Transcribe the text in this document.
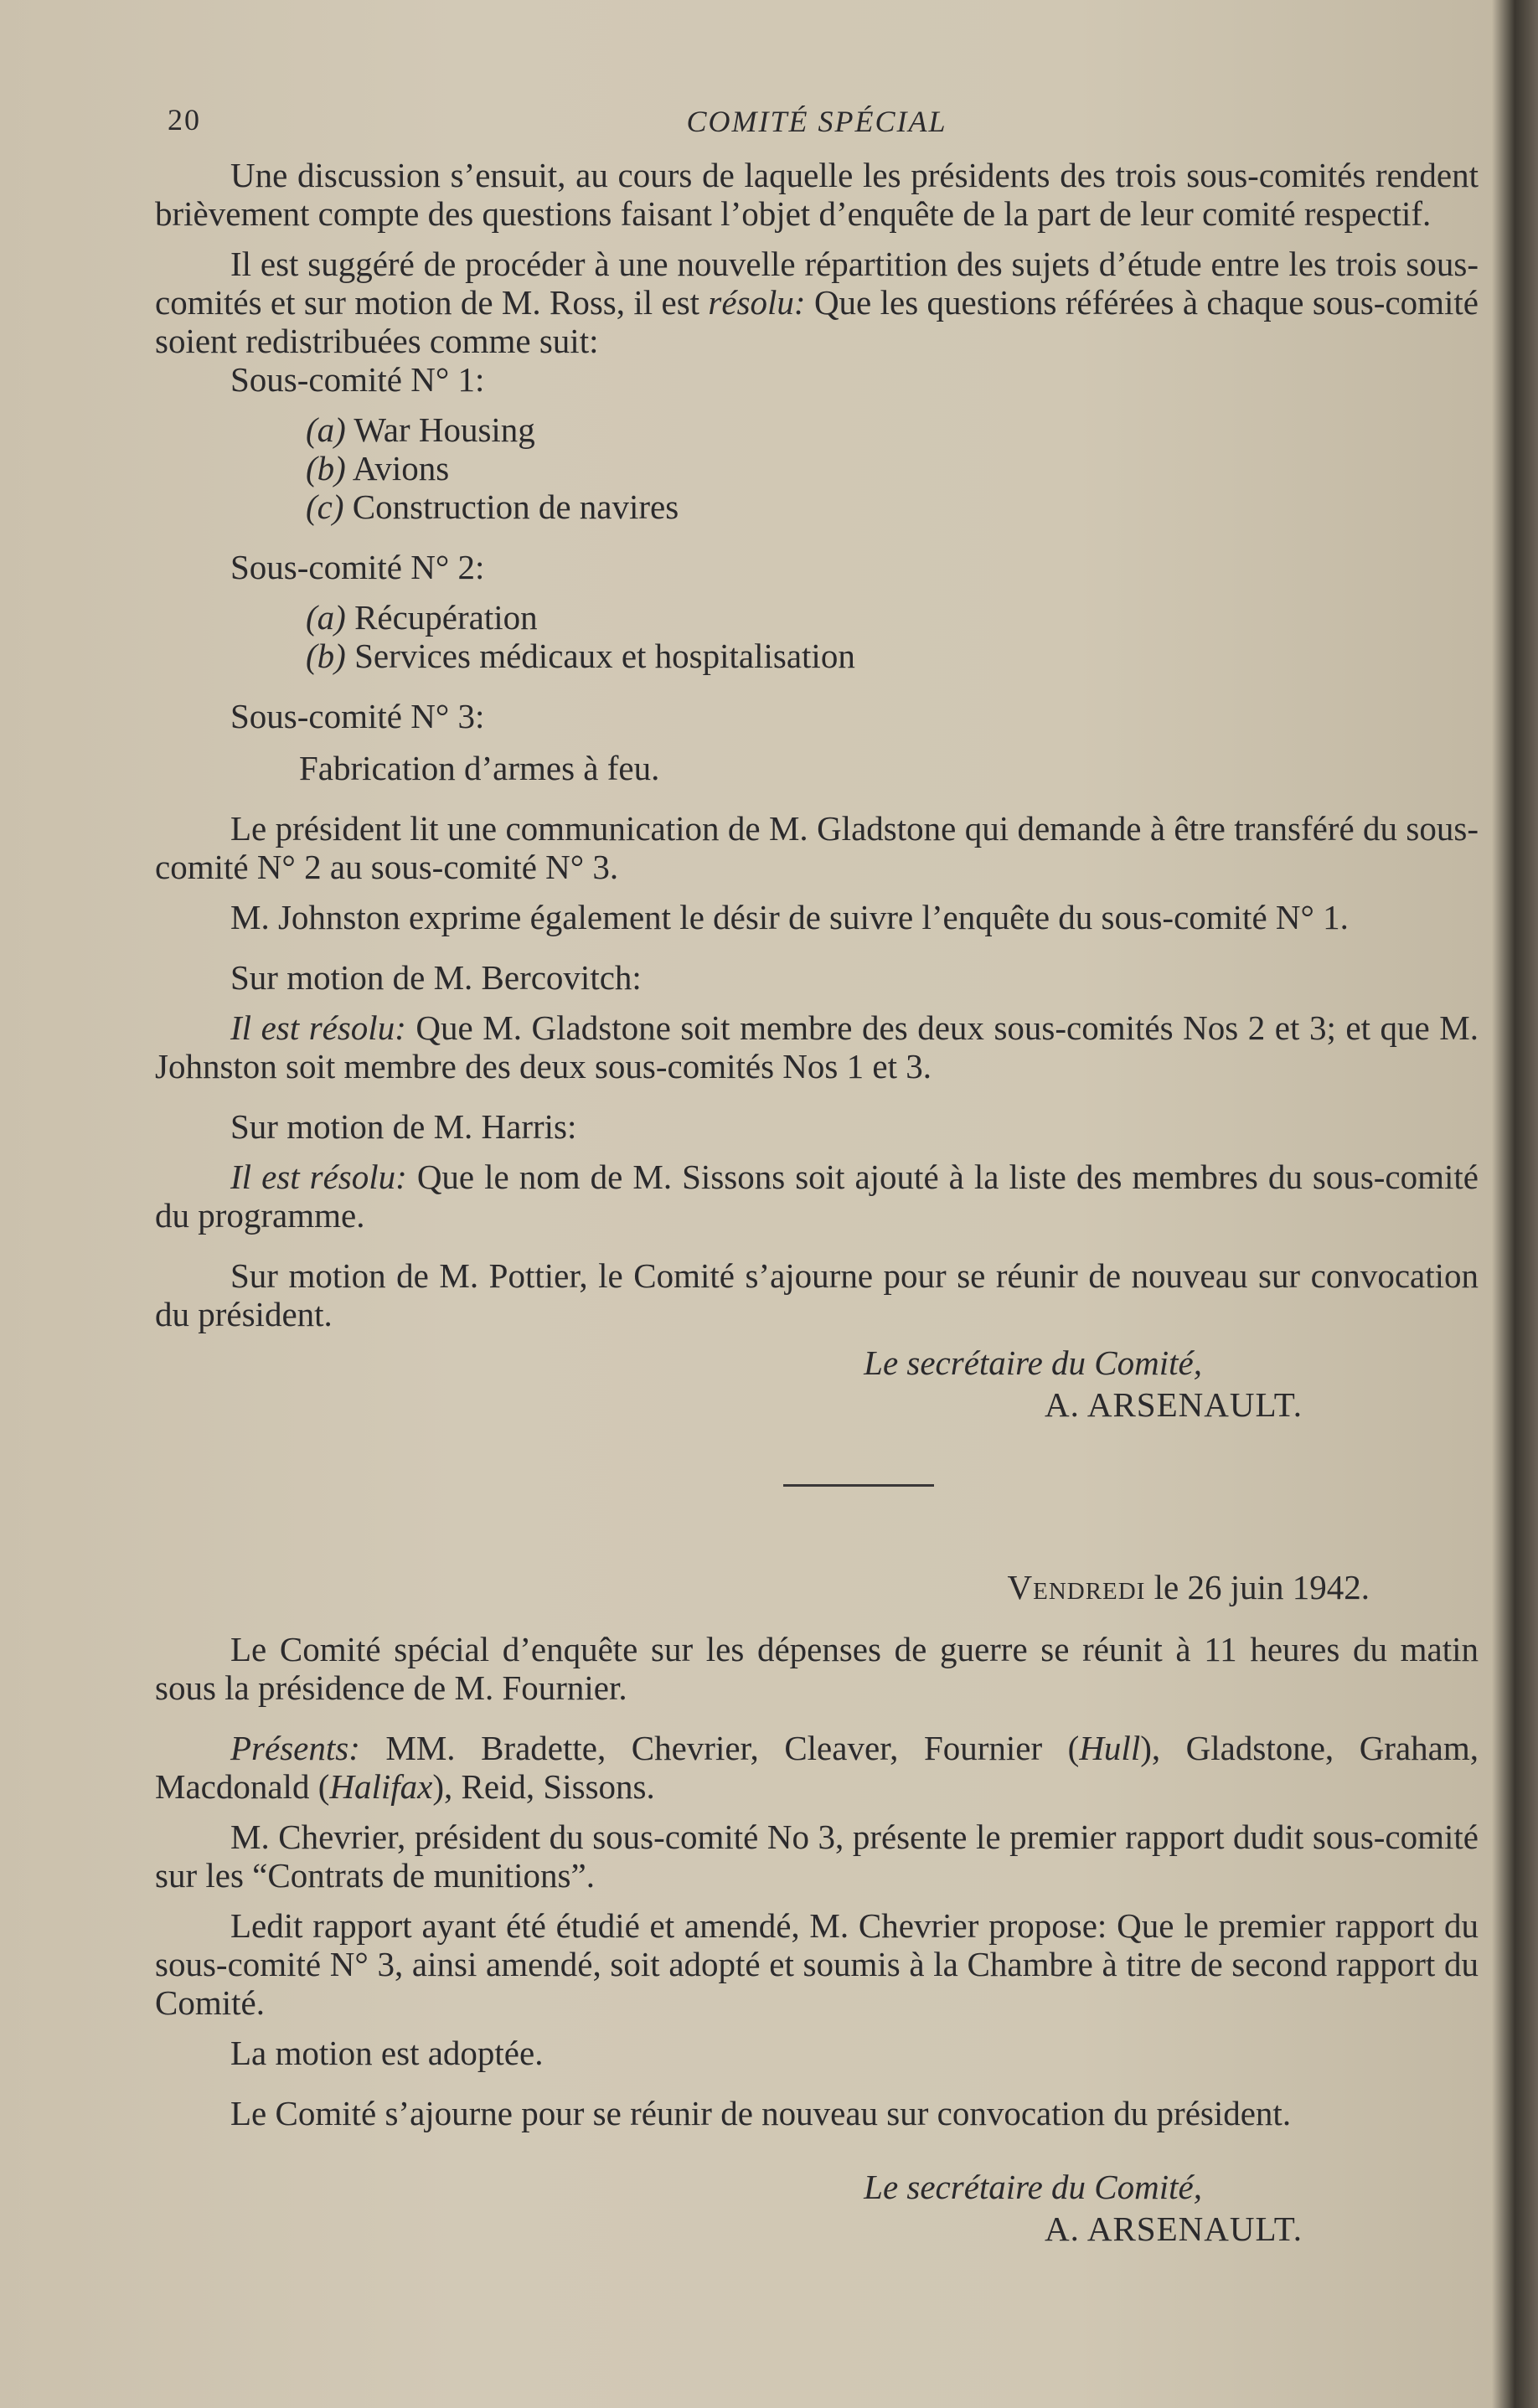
20	COMITÉ SPÉCIAL

Une discussion s’ensuit, au cours de laquelle les présidents des trois sous-comités rendent brièvement compte des questions faisant l’objet d’enquête de la part de leur comité respectif.

Il est suggéré de procéder à une nouvelle répartition des sujets d’étude entre les trois sous-comités et sur motion de M. Ross, il est résolu: Que les questions référées à chaque sous-comité soient redistribuées comme suit:

Sous-comité N° 1:
(a) War Housing
(b) Avions
(c) Construction de navires
Sous-comité N° 2:
(a) Récupération
(b) Services médicaux et hospitalisation
Sous-comité N° 3:
Fabrication d’armes à feu.

Le président lit une communication de M. Gladstone qui demande à être transféré du sous-comité N° 2 au sous-comité N° 3.

M. Johnston exprime également le désir de suivre l’enquête du sous-comité N° 1.

Sur motion de M. Bercovitch:

Il est résolu: Que M. Gladstone soit membre des deux sous-comités Nos 2 et 3; et que M. Johnston soit membre des deux sous-comités Nos 1 et 3.

Sur motion de M. Harris:

Il est résolu: Que le nom de M. Sissons soit ajouté à la liste des membres du sous-comité du programme.

Sur motion de M. Pottier, le Comité s’ajourne pour se réunir de nouveau sur convocation du président.

Le secrétaire du Comité,
A. ARSENAULT.
Vendredi le 26 juin 1942.

Le Comité spécial d’enquête sur les dépenses de guerre se réunit à 11 heures du matin sous la présidence de M. Fournier.

Présents: MM. Bradette, Chevrier, Cleaver, Fournier (Hull), Gladstone, Graham, Macdonald (Halifax), Reid, Sissons.

M. Chevrier, président du sous-comité No 3, présente le premier rapport dudit sous-comité sur les “Contrats de munitions”.

Ledit rapport ayant été étudié et amendé, M. Chevrier propose: Que le premier rapport du sous-comité N° 3, ainsi amendé, soit adopté et soumis à la Chambre à titre de second rapport du Comité.

La motion est adoptée.

Le Comité s’ajourne pour se réunir de nouveau sur convocation du président.

Le secrétaire du Comité,
A. ARSENAULT.
